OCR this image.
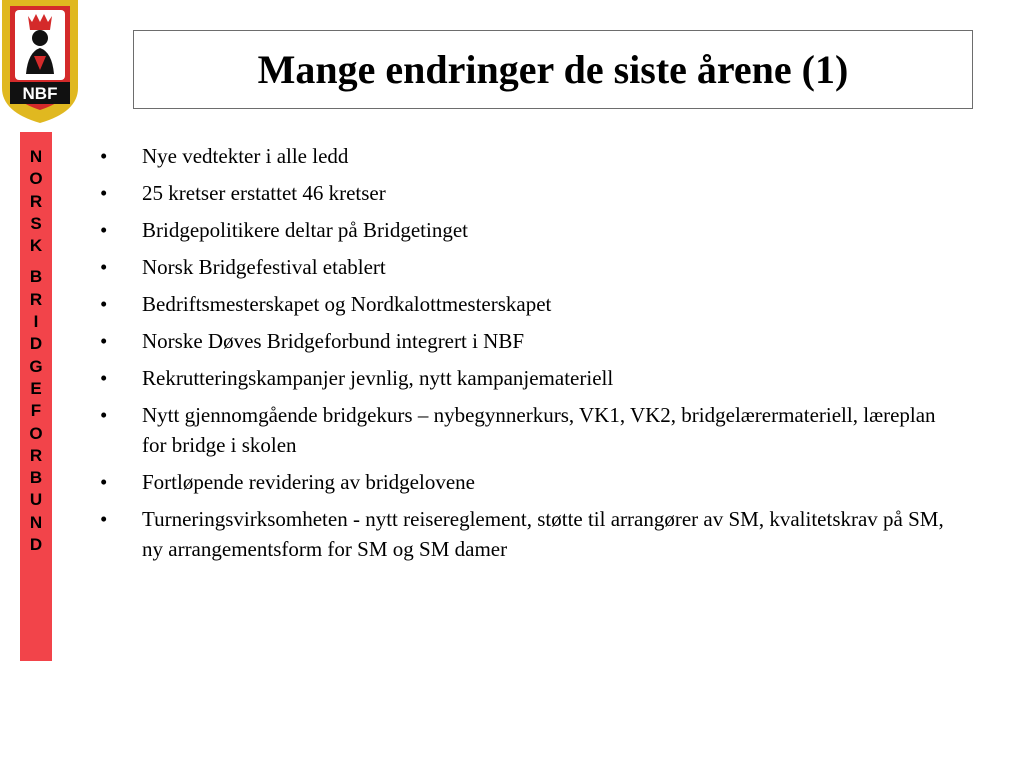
NBF
N
O
R
S
K
B
R
I
D
G
E
F
O
R
B
U
N
D
Mange endringer de siste årene (1)
•	Nye vedtekter i alle ledd
•	25 kretser erstattet 46 kretser
•	Bridgepolitikere deltar på Bridgetinget
•	Norsk Bridgefestival etablert
•	Bedriftsmesterskapet og Nordkalottmesterskapet
•	Norske Døves Bridgeforbund integrert i NBF
•	Rekrutteringskampanjer jevnlig, nytt kampanjemateriell
•	Nytt gjennomgående bridgekurs – nybegynnerkurs, VK1, VK2, bridgelærermateriell, læreplan for bridge i skolen
•	Fortløpende revidering av bridgelovene
•	Turneringsvirksomheten - nytt reisereglement, støtte til arrangører av SM, kvalitetskrav på SM, ny arrangementsform for SM og SM damer
